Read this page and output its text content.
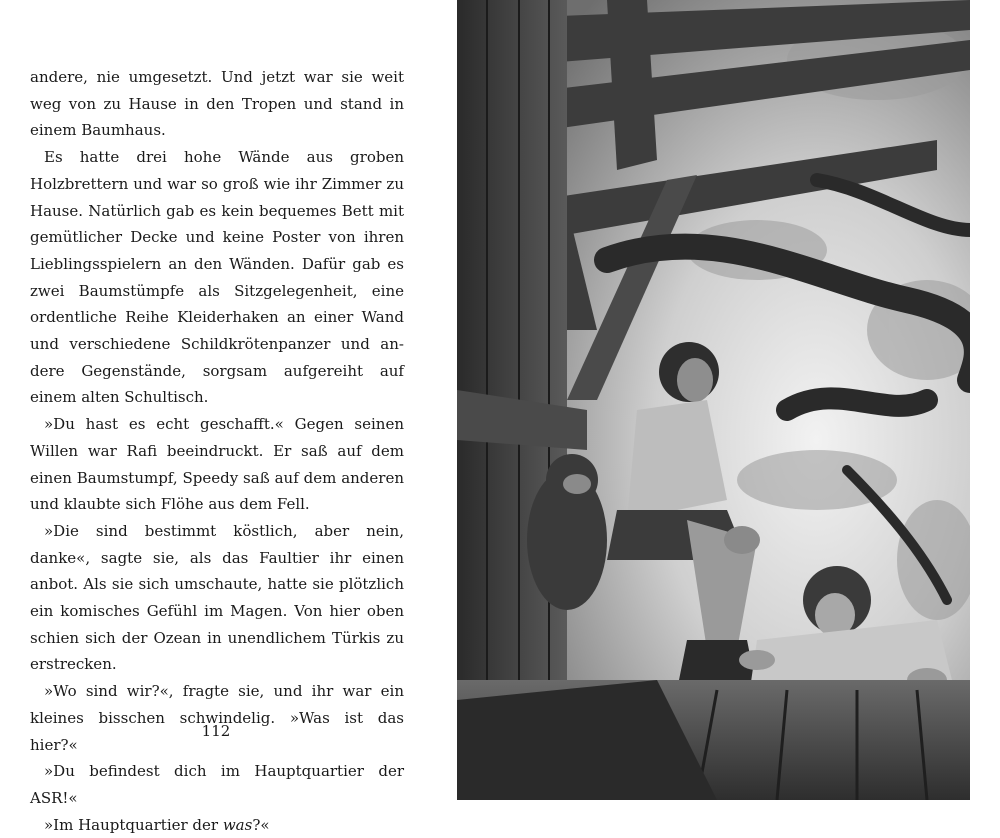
andere, nie umgesetzt. Und jetzt war sie weit weg von zu Hause in den Tropen und stand in einem Baumhaus.

Es hatte drei hohe Wände aus groben Holzbrettern und war so groß wie ihr Zimmer zu Hause. Natürlich gab es kein bequemes Bett mit gemütlicher Decke und keine Poster von ihren Lieblingsspielern an den Wänden. Dafür gab es zwei Baumstümpfe als Sitzgelegenheit, eine ordentliche Reihe Kleiderhaken an einer Wand und verschiedene Schildkrötenpanzer und andere Gegenstände, sorgsam aufgereiht auf einem alten Schultisch.

»Du hast es echt geschafft.« Gegen seinen Willen war Rafi beeindruckt. Er saß auf dem einen Baumstumpf, Speedy saß auf dem anderen und klaubte sich Flöhe aus dem Fell.

»Die sind bestimmt köstlich, aber nein, danke«, sagte sie, als das Faultier ihr einen anbot. Als sie sich umschaute, hatte sie plötzlich ein komisches Gefühl im Magen. Von hier oben schien sich der Ozean in unendlichem Türkis zu erstrecken.

»Wo sind wir?«, fragte sie, und ihr war ein kleines bisschen schwindelig. »Was ist das hier?«

»Du befindest dich im Hauptquartier der ASR!«

»Im Hauptquartier der was?«

112
